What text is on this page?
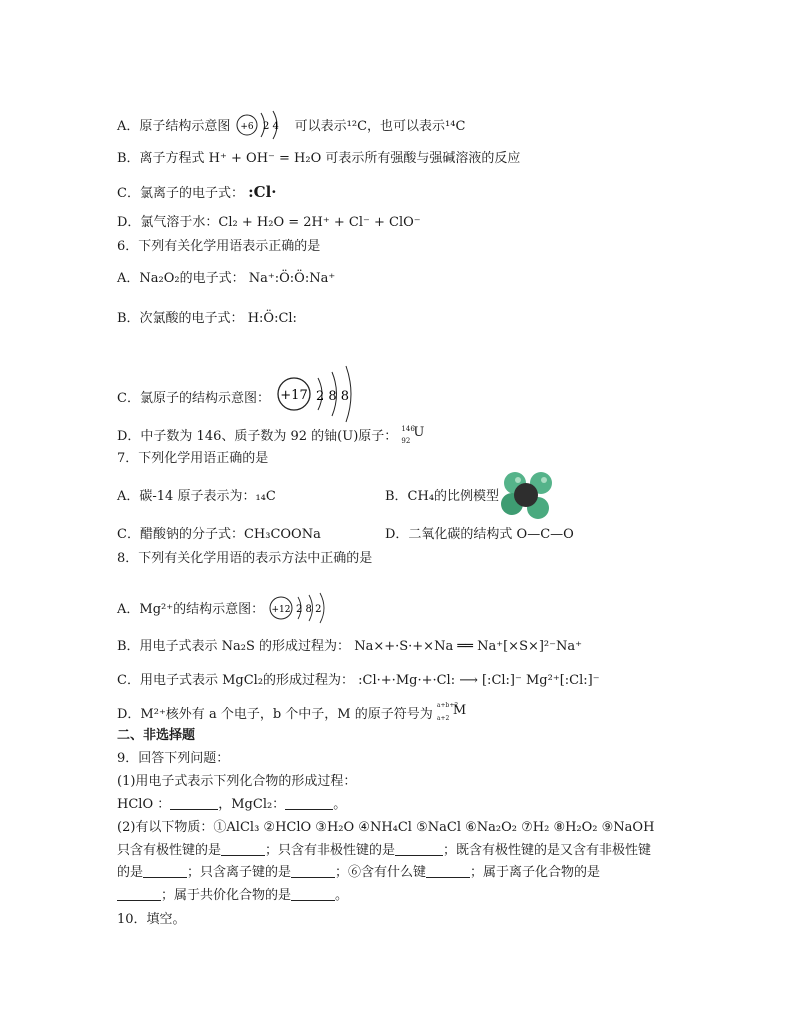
A．原子结构示意图 +6 2 4 可以表示¹²C，也可以表示¹⁴C
B．离子方程式 H⁺ + OH⁻ = H₂O 可表示所有强酸与强碱溶液的反应
C．氯离子的电子式： :Cl·
D．氯气溶于水：Cl₂ + H₂O = 2H⁺ + Cl⁻ + ClO⁻
6．下列有关化学用语表示正确的是
A．Na₂O₂的电子式： Na⁺:Ö:Ö:Na⁺
B．次氯酸的电子式： H:Ö:Cl:
C．氯原子的结构示意图： +17 2 8 8
D．中子数为 146、质子数为 92 的铀(U)原子： 146
92
U
7．下列化学用语正确的是
A．碳-14 原子表示为：₁₄C	B．CH₄的比例模型
C．醋酸钠的分子式：CH₃COONa	D．二氧化碳的结构式 O—C—O
8．下列有关化学用语的表示方法中正确的是
A．Mg²⁺的结构示意图： +12 2 8 2
B．用电子式表示 Na₂S 的形成过程为： Na×+·S·+×Na ══ Na⁺[×S×]²⁻Na⁺
C．用电子式表示 MgCl₂的形成过程为： :Cl·+·Mg·+·Cl: ⟶ [:Cl:]⁻ Mg²⁺[:Cl:]⁻
D．M²⁺核外有 a 个电子，b 个中子，M 的原子符号为
a+b+2
a+2
M
二、非选择题
9．回答下列问题：
(1)用电子式表示下列化合物的形成过程：
HClO ：	，MgCl₂：	。
(2)有以下物质：①AlCl₃ ②HClO ③H₂O ④NH₄Cl ⑤NaCl ⑥Na₂O₂ ⑦H₂ ⑧H₂O₂ ⑨NaOH
只含有极性键的是	；只含有非极性键的是	；既含有极性键的是又含有非极性键
的是	；只含离子键的是	；⑥含有什么键	；属于离子化合物的是
；属于共价化合物的是	。
10．填空。
